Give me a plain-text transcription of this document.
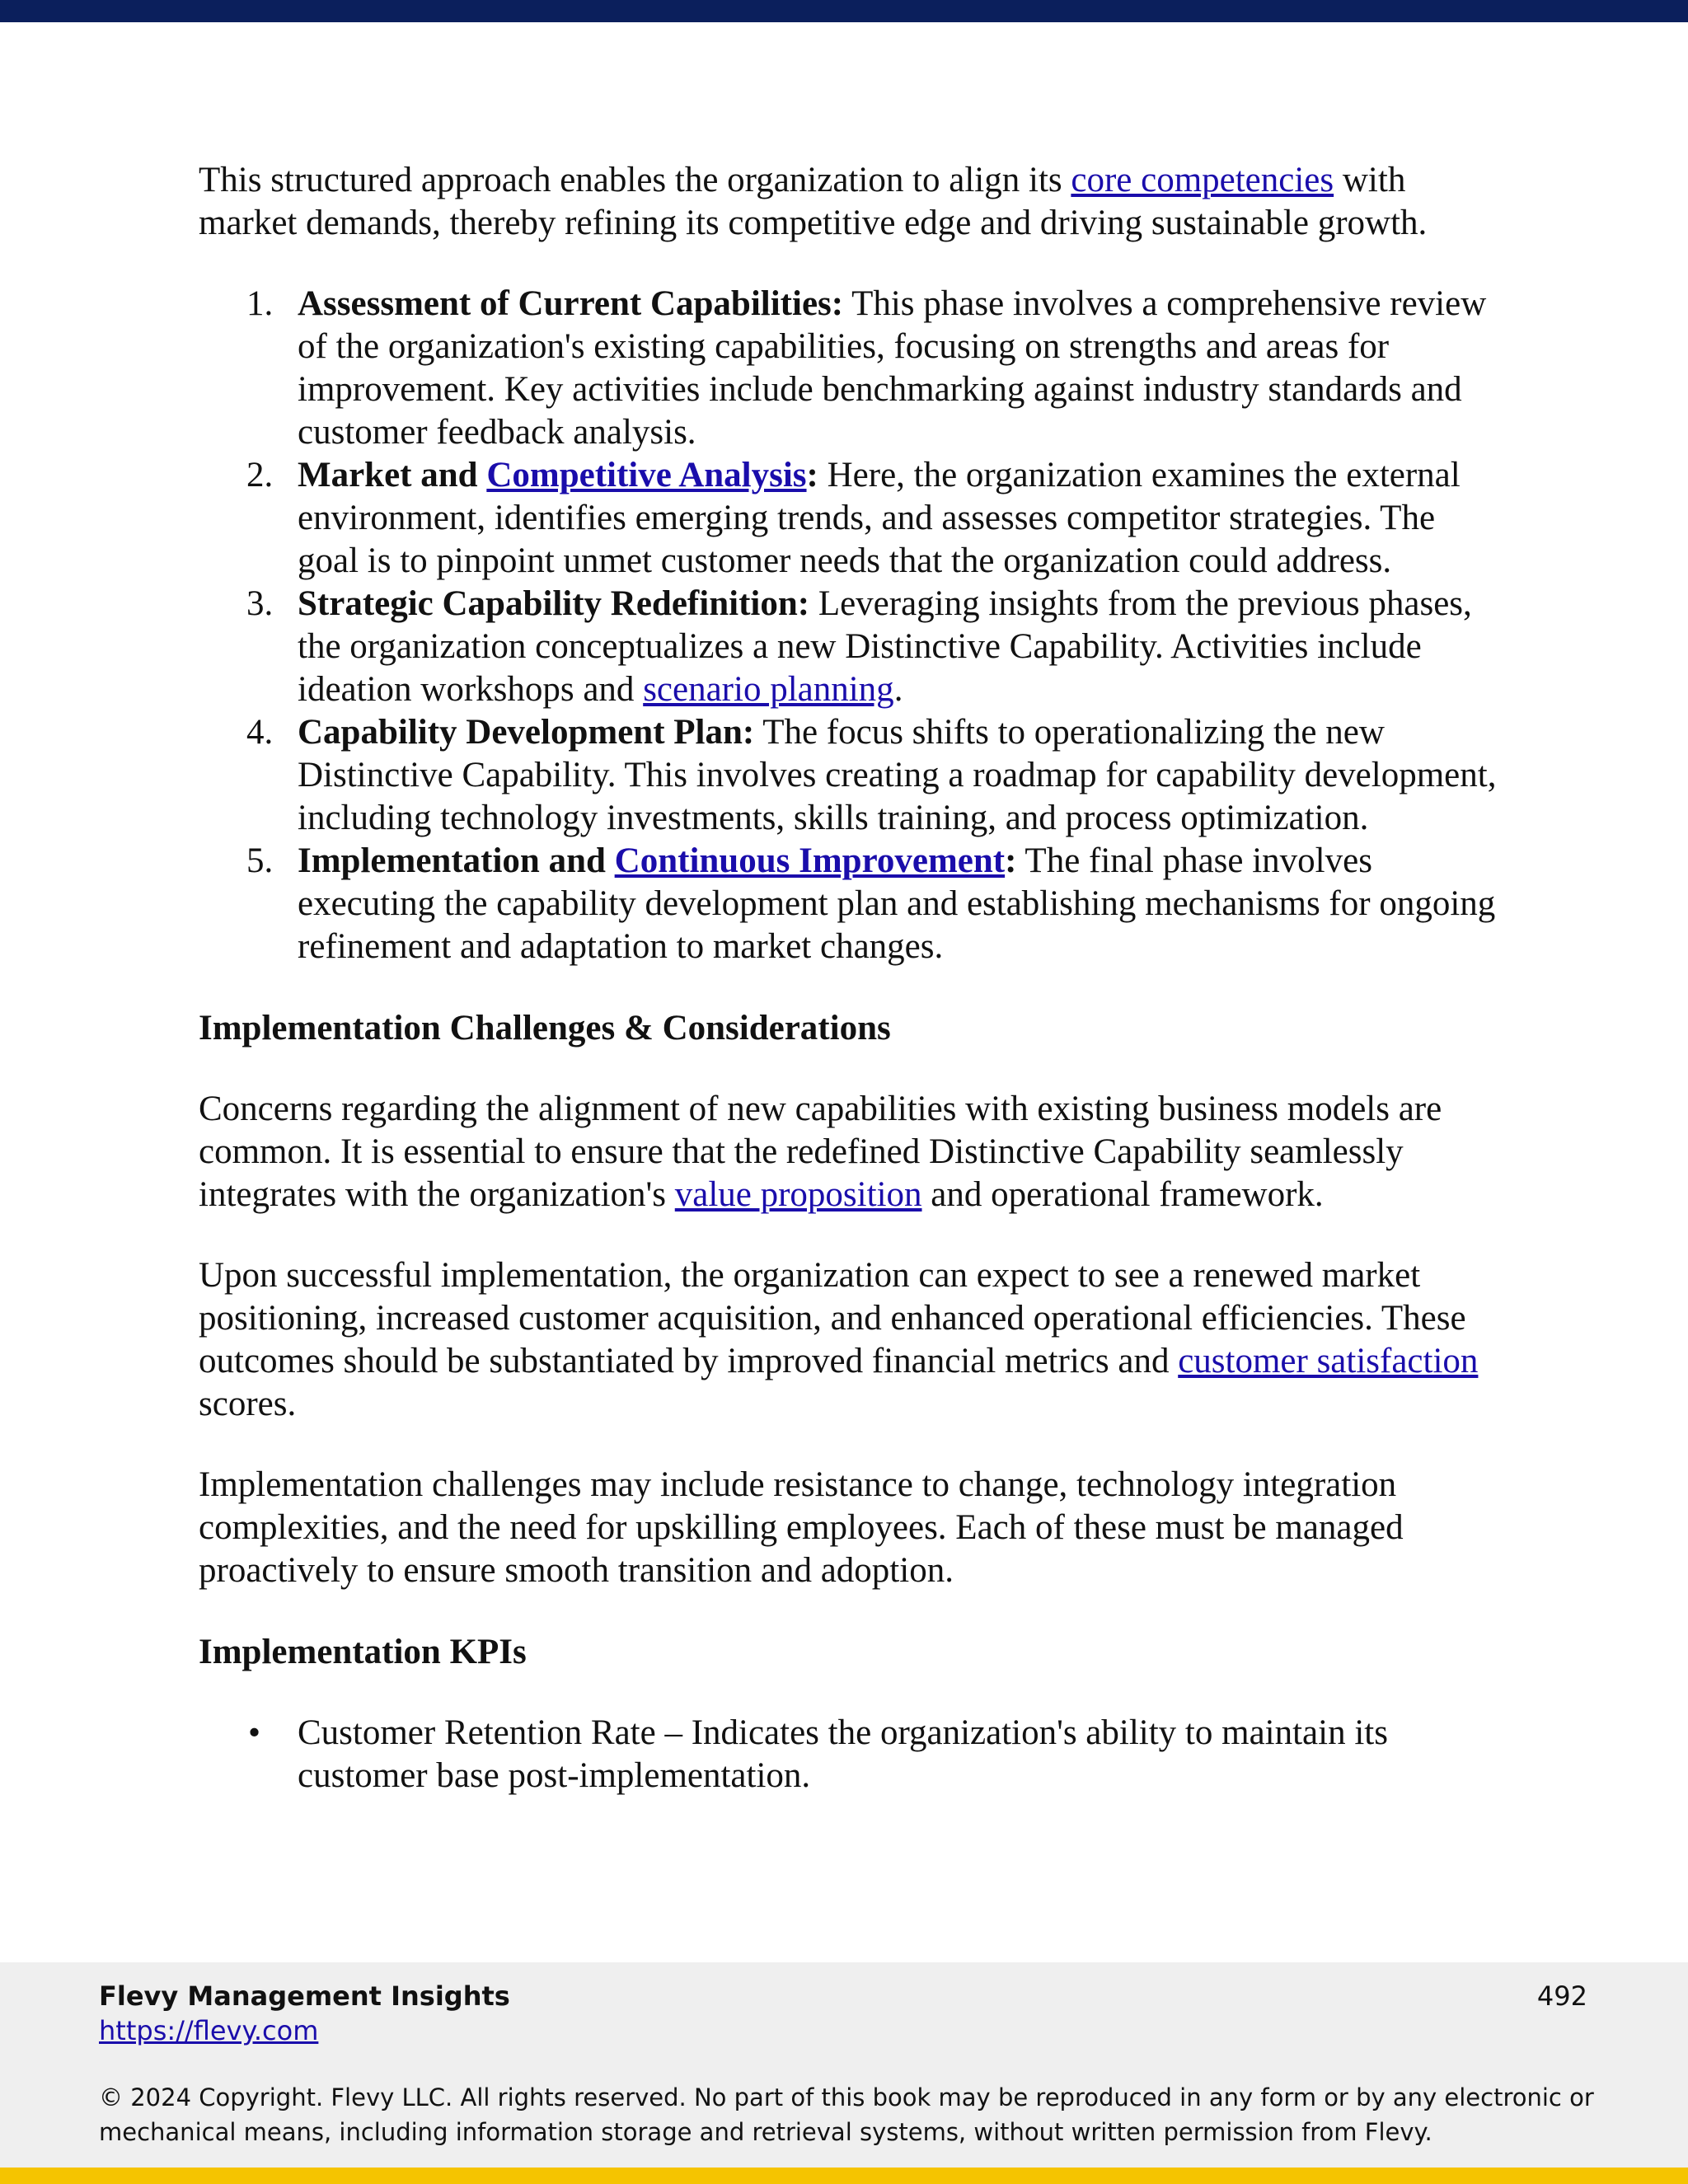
This structured approach enables the organization to align its core competencies with market demands, thereby refining its competitive edge and driving sustainable growth.

1. Assessment of Current Capabilities: This phase involves a comprehensive review of the organization's existing capabilities, focusing on strengths and areas for improvement. Key activities include benchmarking against industry standards and customer feedback analysis.
2. Market and Competitive Analysis: Here, the organization examines the external environment, identifies emerging trends, and assesses competitor strategies. The goal is to pinpoint unmet customer needs that the organization could address.
3. Strategic Capability Redefinition: Leveraging insights from the previous phases, the organization conceptualizes a new Distinctive Capability. Activities include ideation workshops and scenario planning.
4. Capability Development Plan: The focus shifts to operationalizing the new Distinctive Capability. This involves creating a roadmap for capability development, including technology investments, skills training, and process optimization.
5. Implementation and Continuous Improvement: The final phase involves executing the capability development plan and establishing mechanisms for ongoing refinement and adaptation to market changes.
Implementation Challenges & Considerations

Concerns regarding the alignment of new capabilities with existing business models are common. It is essential to ensure that the redefined Distinctive Capability seamlessly integrates with the organization's value proposition and operational framework.

Upon successful implementation, the organization can expect to see a renewed market positioning, increased customer acquisition, and enhanced operational efficiencies. These outcomes should be substantiated by improved financial metrics and customer satisfaction scores.

Implementation challenges may include resistance to change, technology integration complexities, and the need for upskilling employees. Each of these must be managed proactively to ensure smooth transition and adoption.

Implementation KPIs
• Customer Retention Rate – Indicates the organization's ability to maintain its customer base post-implementation.
Flevy Management Insights
https://flevy.com
492
© 2024 Copyright. Flevy LLC. All rights reserved. No part of this book may be reproduced in any form or by any electronic or mechanical means, including information storage and retrieval systems, without written permission from Flevy.
